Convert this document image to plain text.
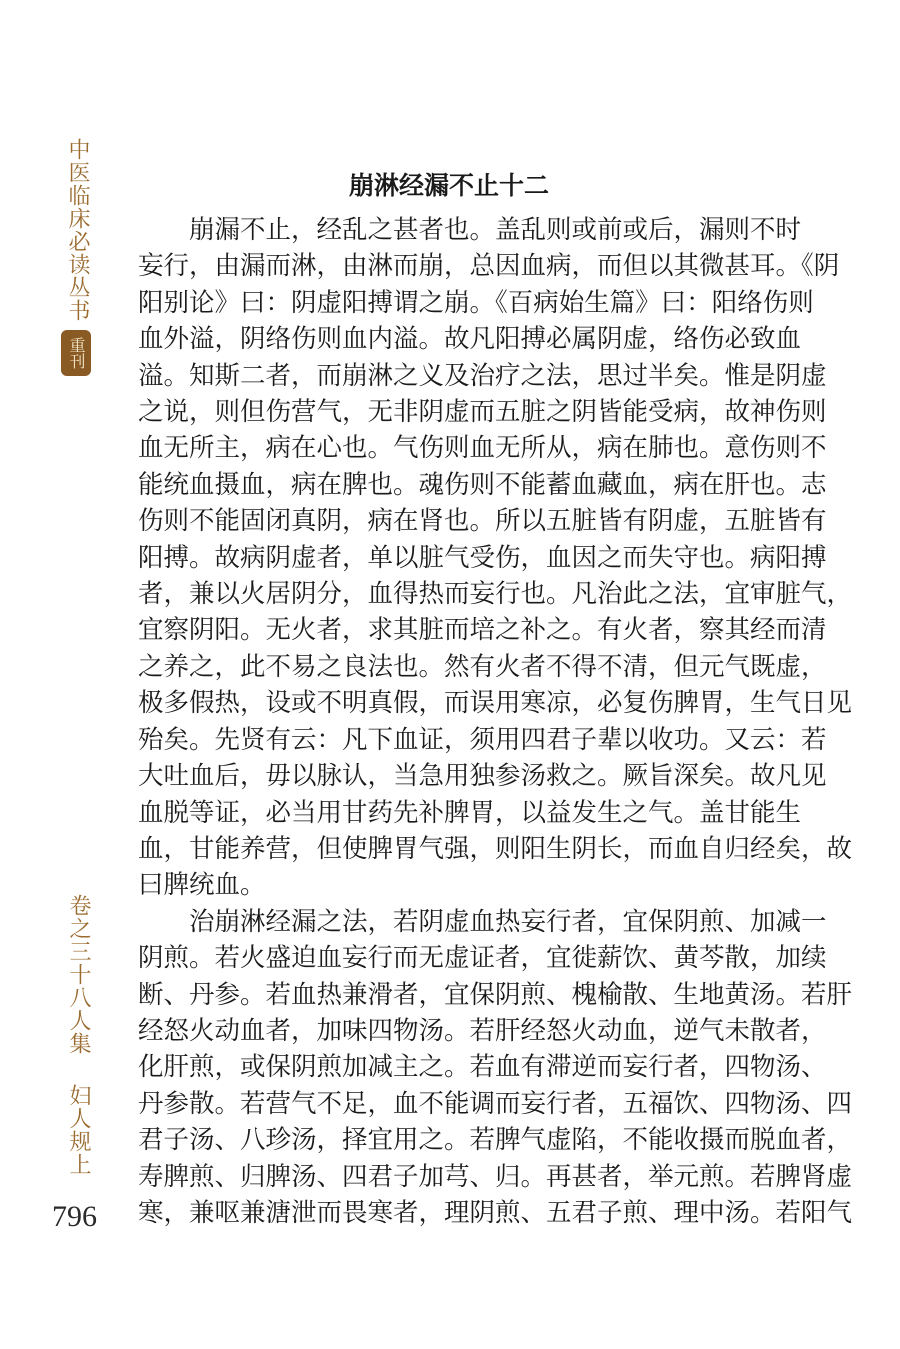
中医临床必读丛书
重刊
卷之三十八人集
妇人规上
796
崩淋经漏不止十二

崩漏不止，经乱之甚者也。盖乱则或前或后，漏则不时
妄行，由漏而淋，由淋而崩，总因血病，而但以其微甚耳。《阴
阳别论》曰：阴虚阳搏谓之崩。《百病始生篇》曰：阳络伤则
血外溢，阴络伤则血内溢。故凡阳搏必属阴虚，络伤必致血
溢。知斯二者，而崩淋之义及治疗之法，思过半矣。惟是阴虚
之说，则但伤营气，无非阴虚而五脏之阴皆能受病，故神伤则
血无所主，病在心也。气伤则血无所从，病在肺也。意伤则不
能统血摄血，病在脾也。魂伤则不能蓄血藏血，病在肝也。志
伤则不能固闭真阴，病在肾也。所以五脏皆有阴虚，五脏皆有
阳搏。故病阴虚者，单以脏气受伤，血因之而失守也。病阳搏
者，兼以火居阴分，血得热而妄行也。凡治此之法，宜审脏气，
宜察阴阳。无火者，求其脏而培之补之。有火者，察其经而清
之养之，此不易之良法也。然有火者不得不清，但元气既虚，
极多假热，设或不明真假，而误用寒凉，必复伤脾胃，生气日见
殆矣。先贤有云：凡下血证，须用四君子辈以收功。又云：若
大吐血后，毋以脉认，当急用独参汤救之。厥旨深矣。故凡见
血脱等证，必当用甘药先补脾胃，以益发生之气。盖甘能生
血，甘能养营，但使脾胃气强，则阳生阴长，而血自归经矣，故
曰脾统血。

治崩淋经漏之法，若阴虚血热妄行者，宜保阴煎、加减一
阴煎。若火盛迫血妄行而无虚证者，宜徙薪饮、黄芩散，加续
断、丹参。若血热兼滑者，宜保阴煎、槐榆散、生地黄汤。若肝
经怒火动血者，加味四物汤。若肝经怒火动血，逆气未散者，
化肝煎，或保阴煎加减主之。若血有滞逆而妄行者，四物汤、
丹参散。若营气不足，血不能调而妄行者，五福饮、四物汤、四
君子汤、八珍汤，择宜用之。若脾气虚陷，不能收摄而脱血者，
寿脾煎、归脾汤、四君子加芎、归。再甚者，举元煎。若脾肾虚
寒，兼呕兼溏泄而畏寒者，理阴煎、五君子煎、理中汤。若阳气
